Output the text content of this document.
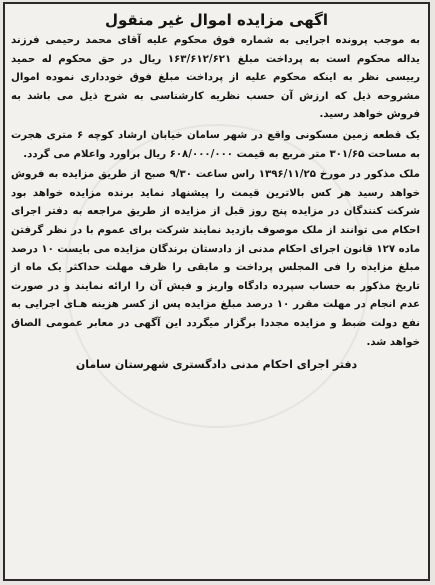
اگهی مزایده اموال غیر منقول

به موجب پرونده اجرایی به شماره فوق محکوم علیه آقای محمد رحیمی فرزند یداله محکوم است به پرداخت مبلغ ۱۶۳/۶۱۲/۶۲۱ ریال در حق محکوم له حمید رییسی نظر به اینکه محکوم علیه از پرداخت مبلغ فوق خودداری نموده اموال مشروحه ذیل که ارزش آن حسب نظریه کارشناسی به شرح ذیل می باشد به فروش خواهد رسید.

یک قطعه زمین مسکونی واقع در شهر سامان خیابان ارشاد کوچه ۶ متری هجرت به مساحت ۳۰۱/۶۵ متر مربع به قیمت ۶۰۸/۰۰۰/۰۰۰ ریال براورد واعلام می گردد.

ملک مذکور در مورخ ۱۳۹۶/۱۱/۲۵ راس ساعت ۹/۳۰ صبح از طریق مزایده به فروش خواهد رسید هر کس بالاترین قیمت را پیشنهاد نماید برنده مزایده خواهد بود شرکت کنندگان در مزایده پنج روز قبل از مزایده از طریق مراجعه به دفتر اجرای احکام می توانند از ملک موصوف بازدید نمایند شرکت برای عموم با در نظر گرفتن ماده ۱۲۷ قانون اجرای احکام مدنی از دادستان برندگان مزایده می بایست ۱۰ درصد مبلغ مزایده را فی المجلس پرداخت و مابقی را ظرف مهلت حداکثر یک ماه از تاریخ مذکور به حساب سپرده دادگاه واریز و فیش آن را ارائه نمایند و در صورت عدم انجام در مهلت مقرر ۱۰ درصد مبلغ مزایده پس از کسر هزینه هـای اجرایی به نفع دولت ضبط و مزایده مجددا برگزار میگردد این آگهی در معابر عمومی الصاق خواهد شد.

دفتر اجرای احکام مدنی دادگستری شهرستان سامان
